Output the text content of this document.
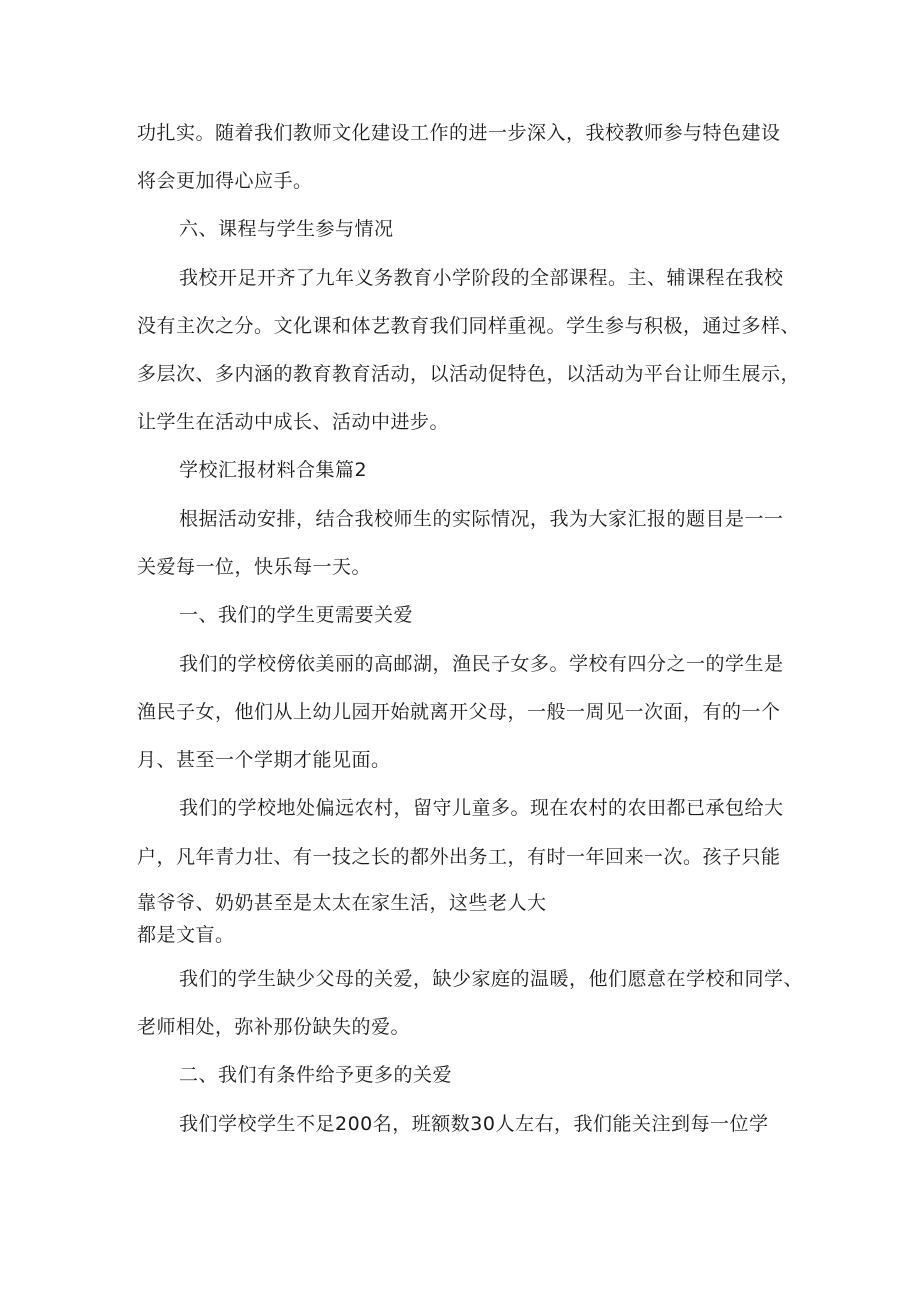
功扎实。随着我们教师文化建设工作的进一步深入，我校教师参与特色建设
将会更加得心应手。
六、课程与学生参与情况
我校开足开齐了九年义务教育小学阶段的全部课程。主、辅课程在我校
没有主次之分。文化课和体艺教育我们同样重视。学生参与积极，通过多样、
多层次、多内涵的教育教育活动，以活动促特色，以活动为平台让师生展示，
让学生在活动中成长、活动中进步。
学校汇报材料合集篇2
根据活动安排，结合我校师生的实际情况，我为大家汇报的题目是一一
关爱每一位，快乐每一天。
一、我们的学生更需要关爱
我们的学校傍依美丽的高邮湖，渔民子女多。学校有四分之一的学生是
渔民子女，他们从上幼儿园开始就离开父母，一般一周见一次面，有的一个
月、甚至一个学期才能见面。
我们的学校地处偏远农村，留守儿童多。现在农村的农田都已承包给大
户，凡年青力壮、有一技之长的都外出务工，有时一年回来一次。孩子只能
靠爷爷、奶奶甚至是太太在家生活，这些老人大
都是文盲。
我们的学生缺少父母的关爱，缺少家庭的温暖，他们愿意在学校和同学、
老师相处，弥补那份缺失的爱。
二、我们有条件给予更多的关爱
我们学校学生不足200名，班额数30人左右，我们能关注到每一位学
